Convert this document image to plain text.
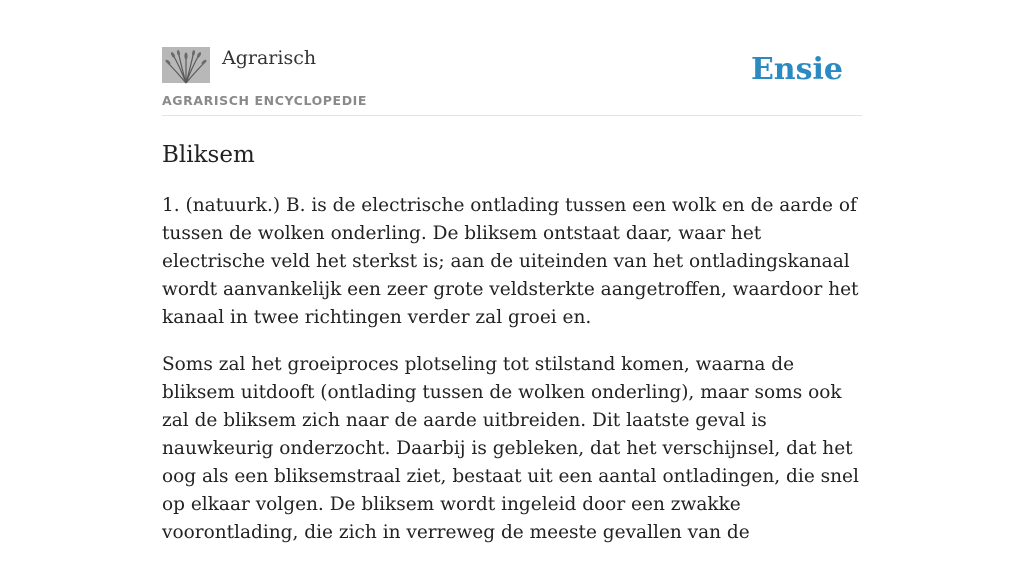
Agrarisch
AGRARISCH ENCYCLOPEDIE
Ensie
Bliksem

1. (natuurk.) B. is de electrische ontlading tussen een wolk en de aarde of tussen de wolken onderling. De bliksem ontstaat daar, waar het electrische veld het sterkst is; aan de uiteinden van het ontladingskanaal wordt aanvankelijk een zeer grote veldsterkte aangetroffen, waardoor het kanaal in twee richtingen verder zal groei en.

Soms zal het groeiproces plotseling tot stilstand komen, waarna de bliksem uitdooft (ontlading tussen de wolken onderling), maar soms ook zal de bliksem zich naar de aarde uitbreiden. Dit laatste geval is nauwkeurig onderzocht. Daarbij is gebleken, dat het verschijnsel, dat het oog als een bliksemstraal ziet, bestaat uit een aantal ontladingen, die snel op elkaar volgen. De bliksem wordt ingeleid door een zwakke voorontlading, die zich in verreweg de meeste gevallen van de
